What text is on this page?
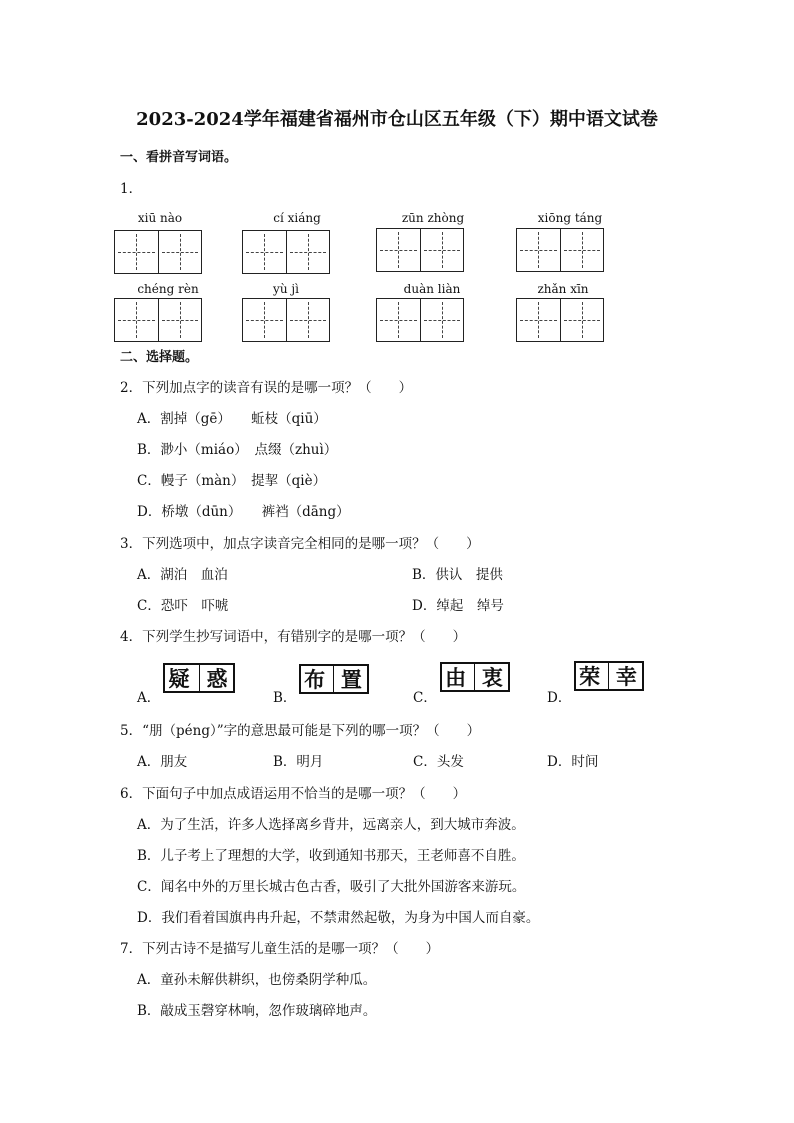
2023-2024学年福建省福州市仓山区五年级（下）期中语文试卷
一、看拼音写词语。
1．
xiū nào	cí xiáng	zūn zhòng	xiōng táng
chéng rèn	yù jì	duàn liàn	zhǎn xīn
二、选择题。
2．下列加点字的读音有误的是哪一项？（　　）
A．割掉（gē）　　蚯枝（qiū）
B．渺小（miáo）　点缀（zhuì）
C．幔子（màn）　提挈（qiè）
D．桥墩（dūn）　　裤裆（dāng）
3．下列选项中，加点字读音完全相同的是哪一项？（　　）
A．湖泊　血泊	B．供认　提供
C．恐吓　吓唬	D．绰起　绰号
4．下列学生抄写词语中，有错别字的是哪一项？（　　）
A．
疑 惑
B．
布 置
C．
由 衷
D．
荣 幸
5．“朋（péng）”字的意思最可能是下列的哪一项？（　　）
A．朋友	B．明月	C．头发	D．时间
6．下面句子中加点成语运用不恰当的是哪一项？（　　）
A．为了生活，许多人选择离乡背井，远离亲人，到大城市奔波。
B．儿子考上了理想的大学，收到通知书那天，王老师喜不自胜。
C．闻名中外的万里长城古色古香，吸引了大批外国游客来游玩。
D．我们看着国旗冉冉升起，不禁肃然起敬，为身为中国人而自豪。
7．下列古诗不是描写儿童生活的是哪一项？（　　）
A．童孙未解供耕织，也傍桑阴学种瓜。
B．敲成玉磬穿林响，忽作玻璃碎地声。
